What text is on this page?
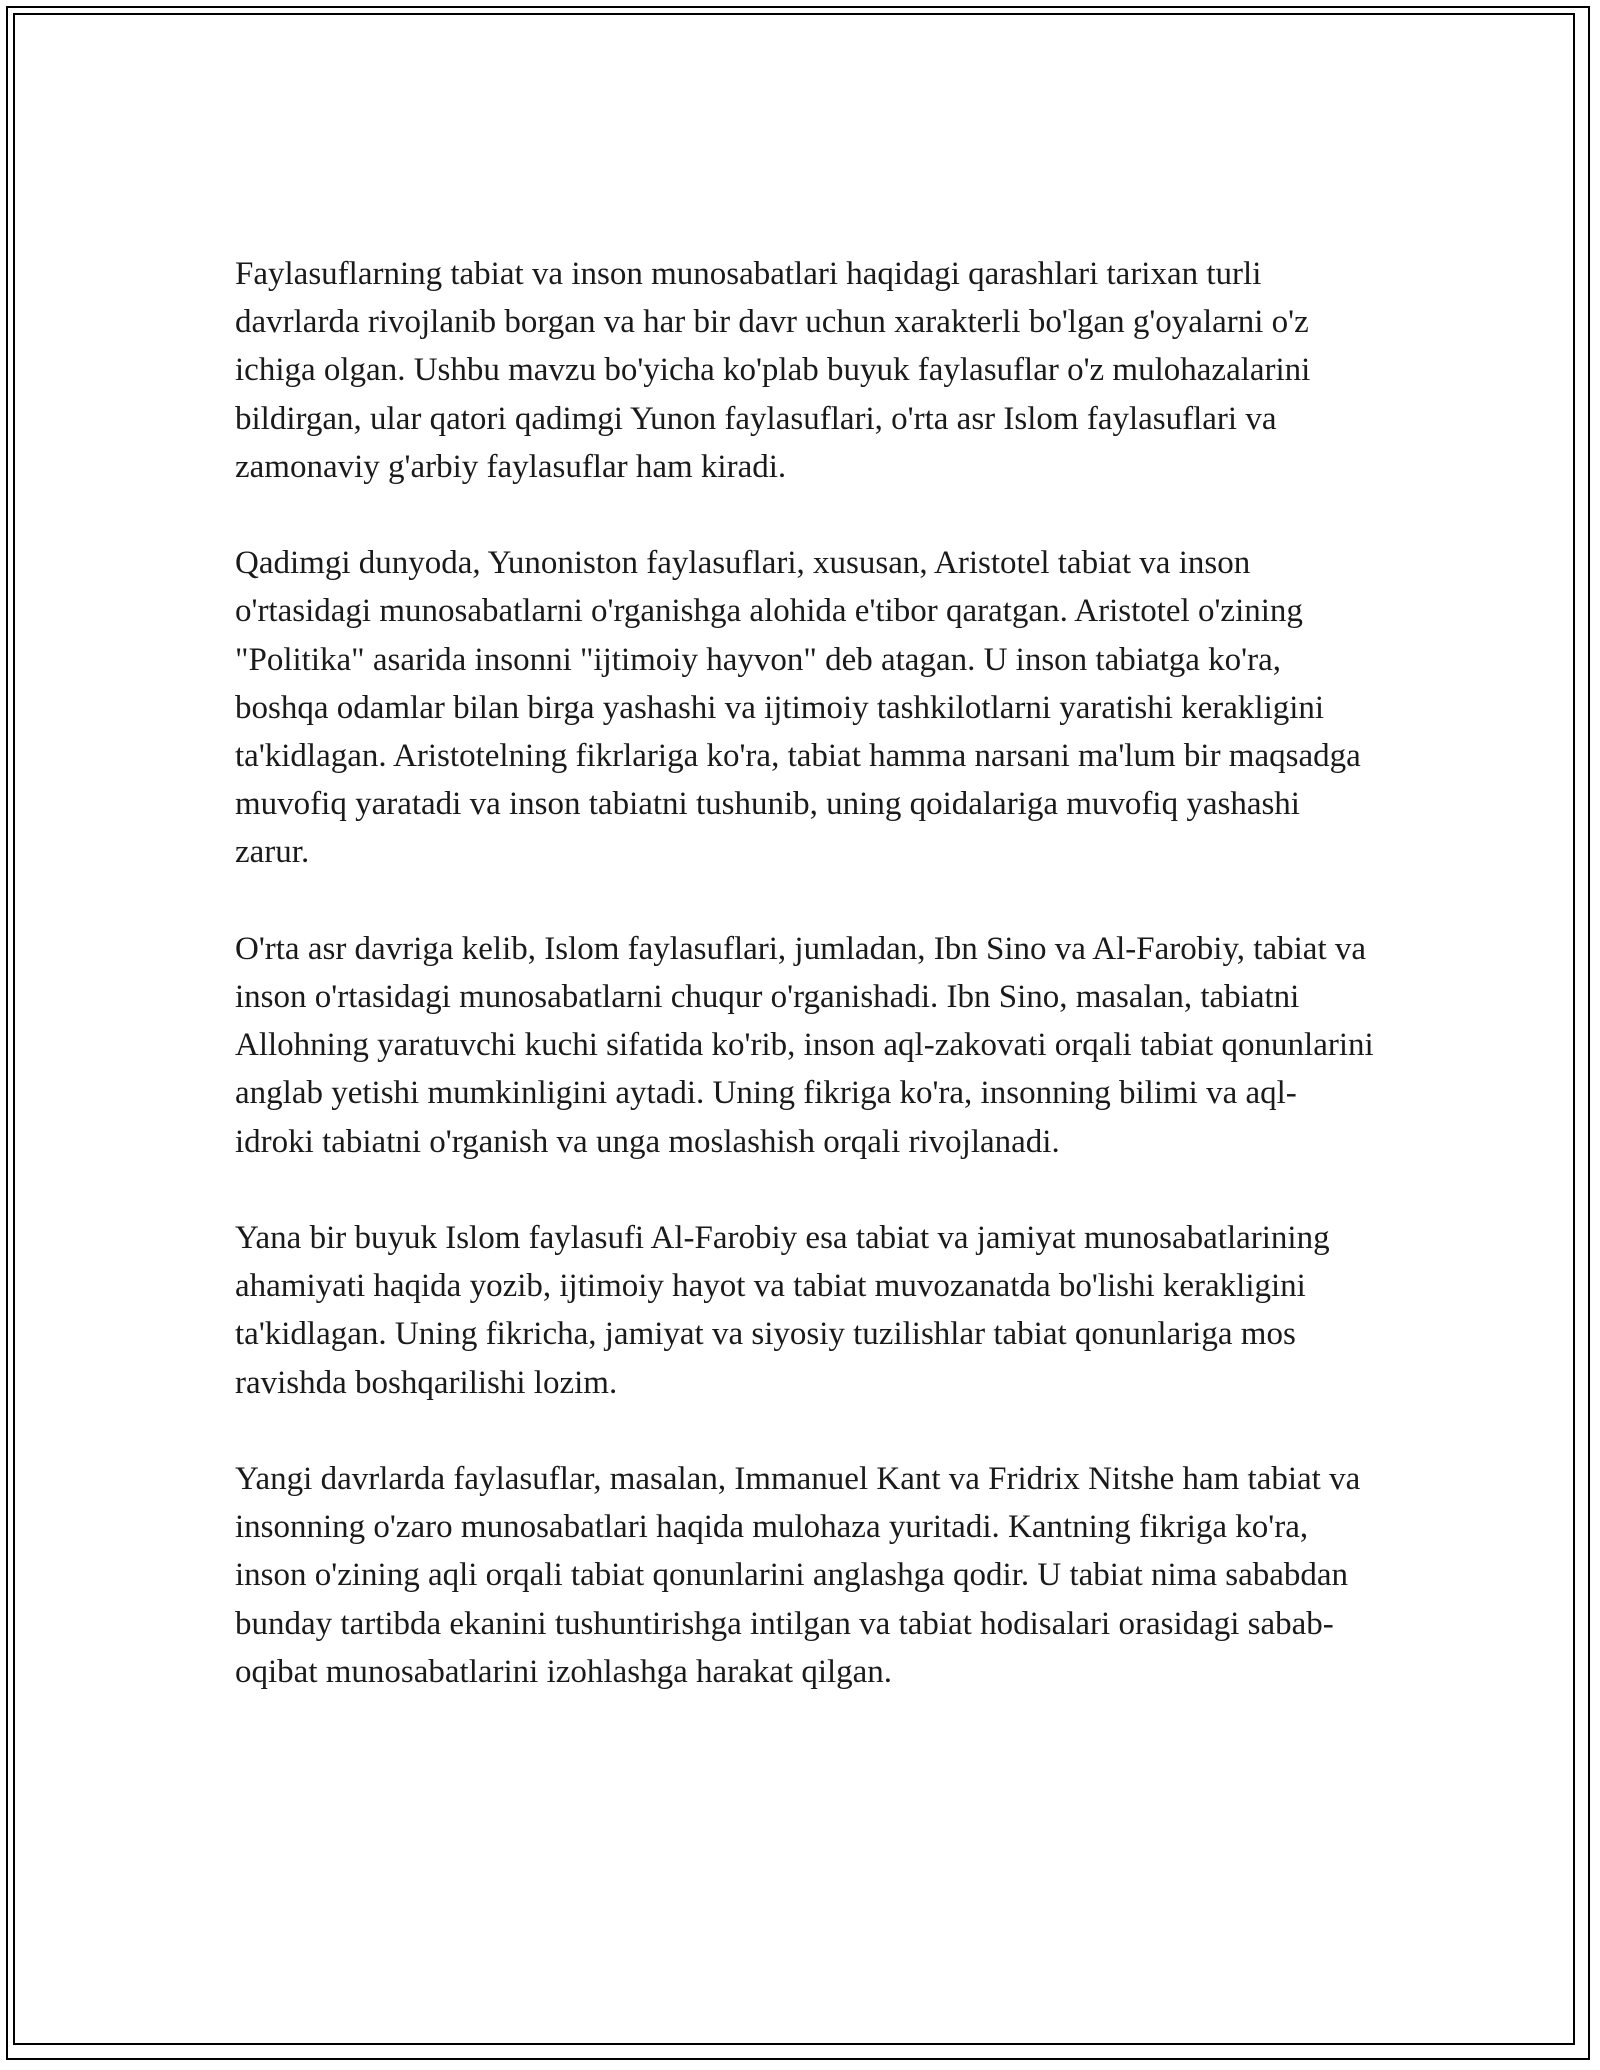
Faylasuflarning tabiat va inson munosabatlari haqidagi qarashlari tarixan turli davrlarda rivojlanib borgan va har bir davr uchun xarakterli bo'lgan g'oyalarni o'z ichiga olgan. Ushbu mavzu bo'yicha ko'plab buyuk faylasuflar o'z mulohazalarini bildirgan, ular qatori qadimgi Yunon faylasuflari, o'rta asr Islom faylasuflari va zamonaviy g'arbiy faylasuflar ham kiradi.

Qadimgi dunyoda, Yunoniston faylasuflari, xususan, Aristotel tabiat va inson o'rtasidagi munosabatlarni o'rganishga alohida e'tibor qaratgan. Aristotel o'zining "Politika" asarida insonni "ijtimoiy hayvon" deb atagan. U inson tabiatga ko'ra, boshqa odamlar bilan birga yashashi va ijtimoiy tashkilotlarni yaratishi kerakligini ta'kidlagan. Aristotelning fikrlariga ko'ra, tabiat hamma narsani ma'lum bir maqsadga muvofiq yaratadi va inson tabiatni tushunib, uning qoidalariga muvofiq yashashi zarur.

O'rta asr davriga kelib, Islom faylasuflari, jumladan, Ibn Sino va Al-Farobiy, tabiat va inson o'rtasidagi munosabatlarni chuqur o'rganishadi. Ibn Sino, masalan, tabiatni Allohning yaratuvchi kuchi sifatida ko'rib, inson aql-zakovati orqali tabiat qonunlarini anglab yetishi mumkinligini aytadi. Uning fikriga ko'ra, insonning bilimi va aql-idroki tabiatni o'rganish va unga moslashish orqali rivojlanadi.

Yana bir buyuk Islom faylasufi Al-Farobiy esa tabiat va jamiyat munosabatlarining ahamiyati haqida yozib, ijtimoiy hayot va tabiat muvozanatda bo'lishi kerakligini ta'kidlagan. Uning fikricha, jamiyat va siyosiy tuzilishlar tabiat qonunlariga mos ravishda boshqarilishi lozim.

Yangi davrlarda faylasuflar, masalan, Immanuel Kant va Fridrix Nitshe ham tabiat va insonning o'zaro munosabatlari haqida mulohaza yuritadi. Kantning fikriga ko'ra, inson o'zining aqli orqali tabiat qonunlarini anglashga qodir. U tabiat nima sababdan bunday tartibda ekanini tushuntirishga intilgan va tabiat hodisalari orasidagi sabab-oqibat munosabatlarini izohlashga harakat qilgan.
